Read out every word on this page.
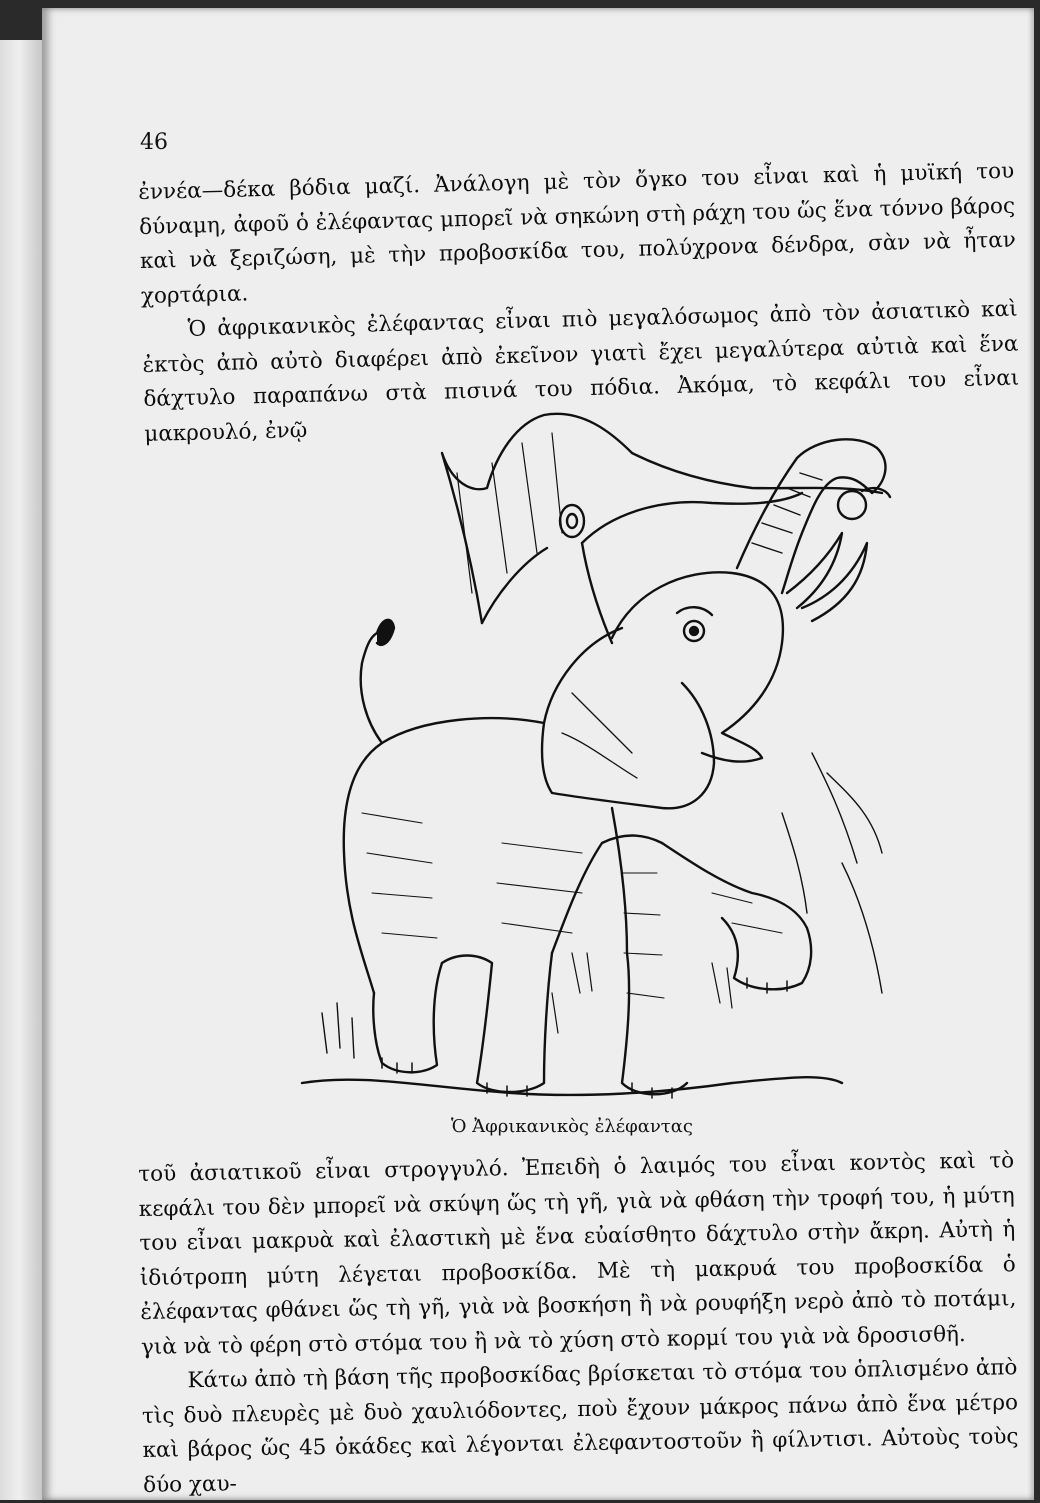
46

ἐννέα—δέκα βόδια μαζί. Ἀνάλογη μὲ τὸν ὄγκο του εἶναι καὶ ἡ μυϊκή του δύναμη, ἀφοῦ ὁ ἐλέφαντας μπορεῖ νὰ σηκώνη στὴ ράχη του ὥς ἕνα τόννο βάρος καὶ νὰ ξεριζώση, μὲ τὴν προβοσκίδα του, πολύχρονα δένδρα, σὰν νὰ ἦταν χορτάρια.

Ὁ ἀφρικανικὸς ἐλέφαντας εἶναι πιὸ μεγαλόσωμος ἀπὸ τὸν ἀσιατικὸ καὶ ἐκτὸς ἀπὸ αὐτὸ διαφέρει ἀπὸ ἐκεῖνον γιατὶ ἔχει μεγαλύτερα αὐτιὰ καὶ ἕνα δάχτυλο παραπάνω στὰ πισινά του πόδια. Ἀκόμα, τὸ κεφάλι του εἶναι μακρουλό, ἐνῷ

Ὁ Ἀφρικανικὸς ἐλέφαντας

τοῦ ἀσιατικοῦ εἶναι στρογγυλό. Ἐπειδὴ ὁ λαιμός του εἶναι κοντὸς καὶ τὸ κεφάλι του δὲν μπορεῖ νὰ σκύψη ὥς τὴ γῆ, γιὰ νὰ φθάση τὴν τροφή του, ἡ μύτη του εἶναι μακρυὰ καὶ ἐλαστικὴ μὲ ἕνα εὐαίσθητο δάχτυλο στὴν ἄκρη. Αὐτὴ ἡ ἰδιότροπη μύτη λέγεται προβοσκίδα. Μὲ τὴ μακρυά του προβοσκίδα ὁ ἐλέφαντας φθάνει ὥς τὴ γῆ, γιὰ νὰ βοσκήση ἢ νὰ ρουφήξη νερὸ ἀπὸ τὸ ποτάμι, γιὰ νὰ τὸ φέρη στὸ στόμα του ἢ νὰ τὸ χύση στὸ κορμί του γιὰ νὰ δροσισθῆ.

Κάτω ἀπὸ τὴ βάση τῆς προβοσκίδας βρίσκεται τὸ στόμα του ὁπλισμένο ἀπὸ τὶς δυὸ πλευρὲς μὲ δυὸ χαυλιόδοντες, ποὺ ἔχουν μάκρος πάνω ἀπὸ ἕνα μέτρο καὶ βάρος ὥς 45 ὀκάδες καὶ λέγονται ἐλεφαντοστοῦν ἢ φίλντισι. Αὐτοὺς τοὺς δύο χαυ-
